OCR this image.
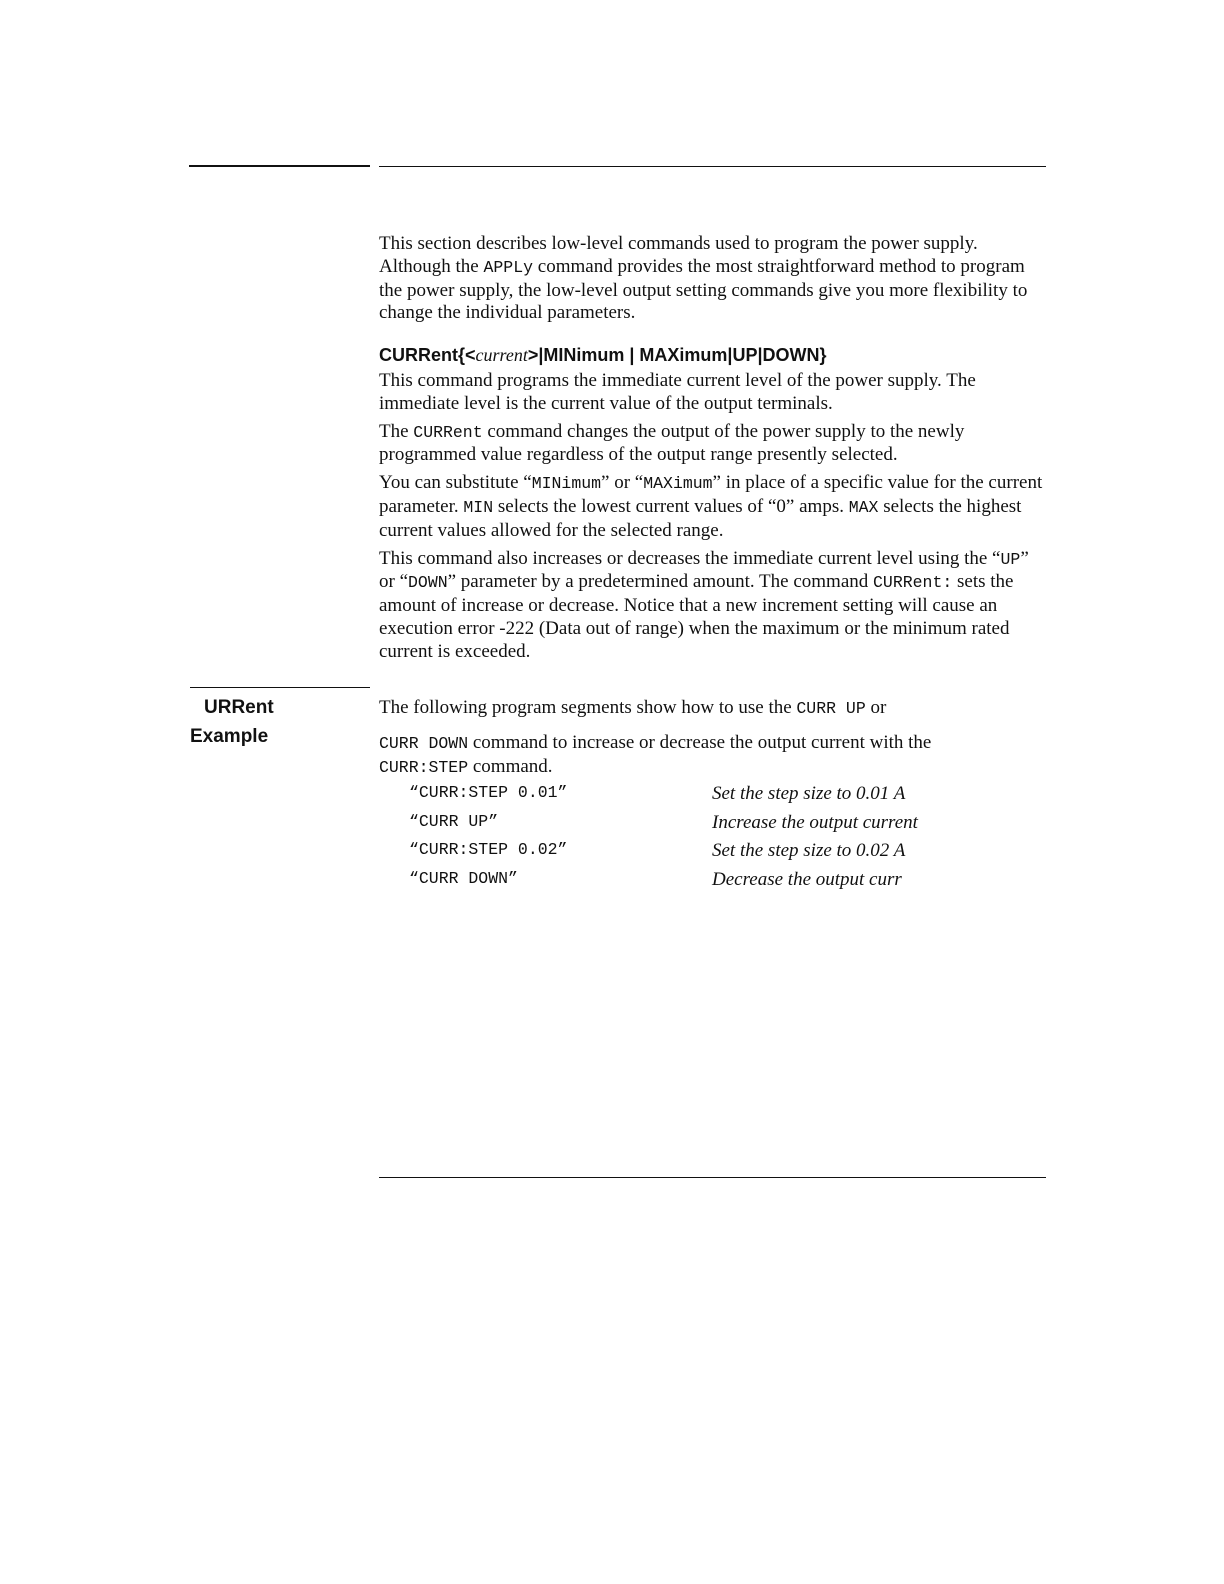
This section describes low-level commands used to program the power supply. Although the APPLy command provides the most straightforward method to program the power supply, the low-level output setting commands give you more flexibility to change the individual parameters.

CURRent{<current>|MINimum | MAXimum|UP|DOWN}

This command programs the immediate current level of the power supply. The immediate level is the current value of the output terminals.

The CURRent command changes the output of the power supply to the newly programmed value regardless of the output range presently selected.

You can substitute “MINimum” or “MAXimum” in place of a specific value for the current parameter. MIN selects the lowest current values of “0” amps. MAX selects the highest current values allowed for the selected range.

This command also increases or decreases the immediate current level using the “UP” or “DOWN” parameter by a predetermined amount. The command CURRent: sets the amount of increase or decrease. Notice that a new increment setting will cause an execution error -222 (Data out of range) when the maximum or the minimum rated current is exceeded.

URRent
Example

The following program segments show how to use the CURR UP or

CURR DOWN command to increase or decrease the output current with the

CURR:STEP command.

“CURR:STEP 0.01”	Set the step size to 0.01 A
“CURR UP”	Increase the output current
“CURR:STEP 0.02”	Set the step size to 0.02 A
“CURR DOWN”	Decrease the output curr
